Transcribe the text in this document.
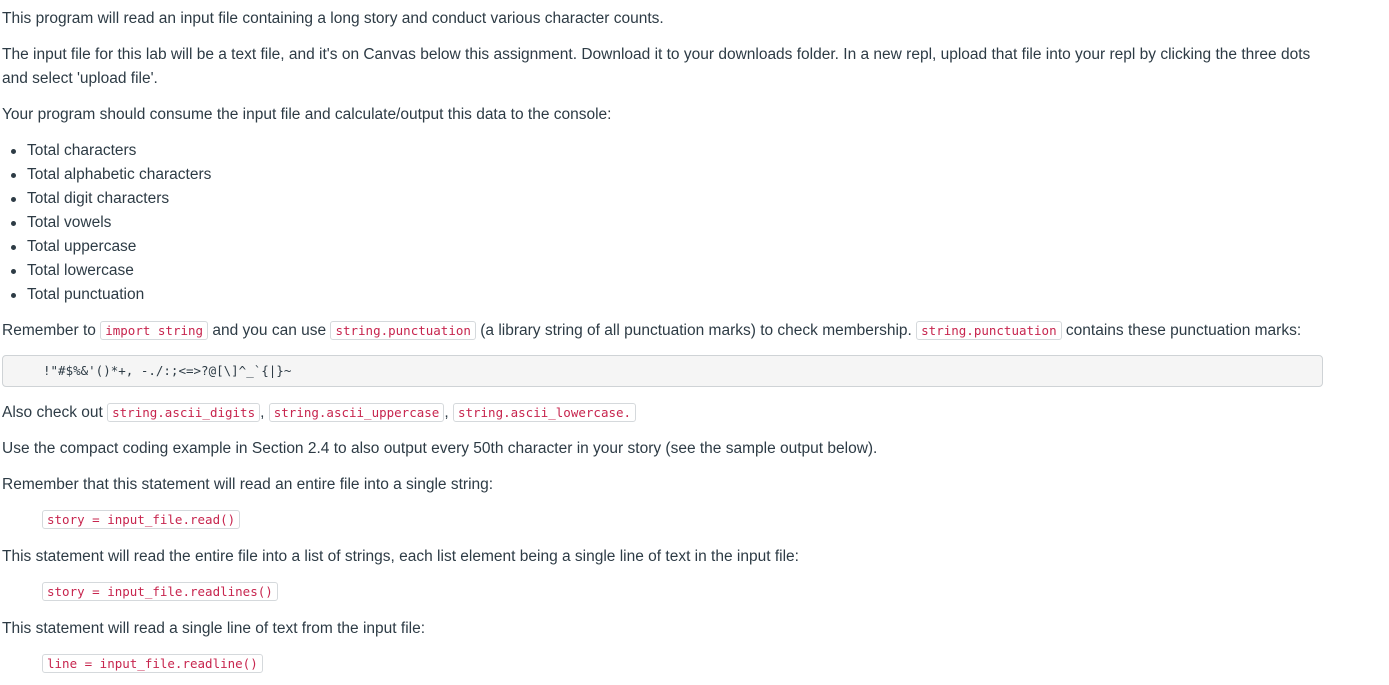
This program will read an input file containing a long story and conduct various character counts.

The input file for this lab will be a text file, and it's on Canvas below this assignment. Download it to your downloads folder. In a new repl, upload that file into your repl by clicking the three dots and select 'upload file'.

Your program should consume the input file and calculate/output this data to the console:

Total characters
Total alphabetic characters
Total digit characters
Total vowels
Total uppercase
Total lowercase
Total punctuation

Remember to import string and you can use string.punctuation (a library string of all punctuation marks) to check membership. string.punctuation contains these punctuation marks:

!"#$%&'()*+, -./:;<=>?@[\]^_`{|}~

Also check out string.ascii_digits , string.ascii_uppercase , string.ascii_lowercase.

Use the compact coding example in Section 2.4 to also output every 50th character in your story (see the sample output below).

Remember that this statement will read an entire file into a single string:

story = input_file.read()

This statement will read the entire file into a list of strings, each list element being a single line of text in the input file:

story = input_file.readlines()

This statement will read a single line of text from the input file:

line = input_file.readline()
